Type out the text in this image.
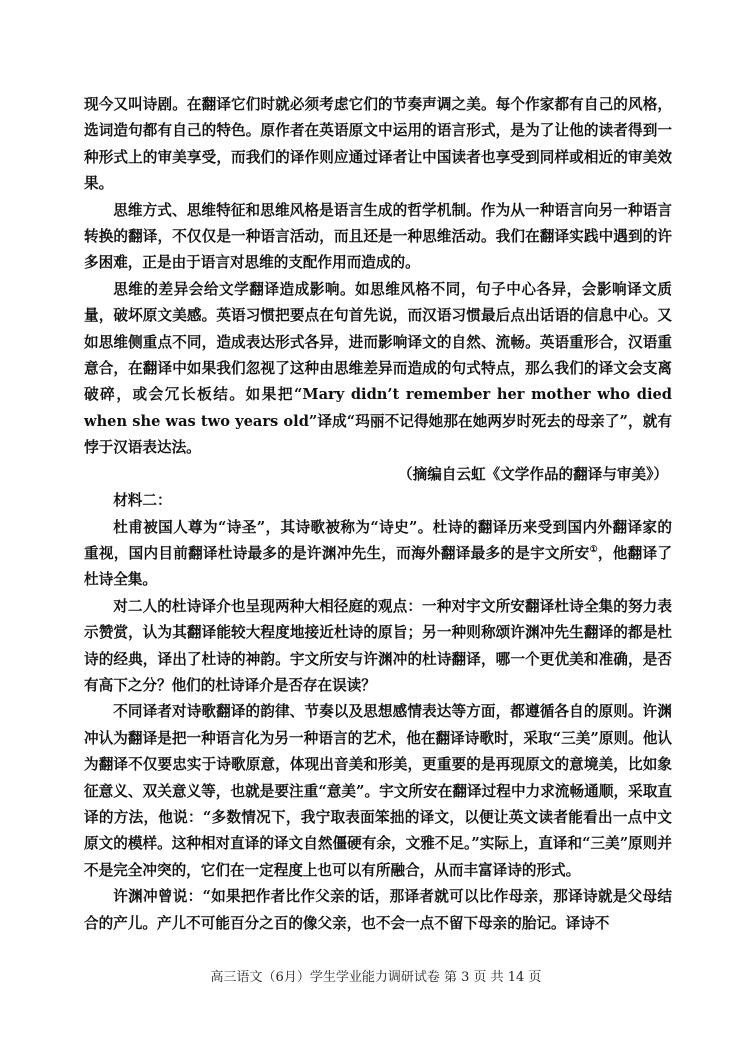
现今又叫诗剧。在翻译它们时就必须考虑它们的节奏声调之美。每个作家都有自己的风格，选词造句都有自己的特色。原作者在英语原文中运用的语言形式，是为了让他的读者得到一种形式上的审美享受，而我们的译作则应通过译者让中国读者也享受到同样或相近的审美效果。

思维方式、思维特征和思维风格是语言生成的哲学机制。作为从一种语言向另一种语言转换的翻译，不仅仅是一种语言活动，而且还是一种思维活动。我们在翻译实践中遇到的许多困难，正是由于语言对思维的支配作用而造成的。

思维的差异会给文学翻译造成影响。如思维风格不同，句子中心各异，会影响译文质量，破坏原文美感。英语习惯把要点在句首先说，而汉语习惯最后点出话语的信息中心。又如思维侧重点不同，造成表达形式各异，进而影响译文的自然、流畅。英语重形合，汉语重意合，在翻译中如果我们忽视了这种由思维差异而造成的句式特点，那么我们的译文会支离破碎，或会冗长板结。如果把“Mary didn’t remember her mother who died when she was two years old”译成“玛丽不记得她那在她两岁时死去的母亲了”，就有悖于汉语表达法。

（摘编自云虹《文学作品的翻译与审美》）

材料二：

杜甫被国人尊为“诗圣”，其诗歌被称为“诗史”。杜诗的翻译历来受到国内外翻译家的重视，国内目前翻译杜诗最多的是许渊冲先生，而海外翻译最多的是宇文所安①，他翻译了杜诗全集。

对二人的杜诗译介也呈现两种大相径庭的观点：一种对宇文所安翻译杜诗全集的努力表示赞赏，认为其翻译能较大程度地接近杜诗的原旨；另一种则称颂许渊冲先生翻译的都是杜诗的经典，译出了杜诗的神韵。宇文所安与许渊冲的杜诗翻译，哪一个更优美和准确，是否有高下之分？他们的杜诗译介是否存在误读？

不同译者对诗歌翻译的韵律、节奏以及思想感情表达等方面，都遵循各自的原则。许渊冲认为翻译是把一种语言化为另一种语言的艺术，他在翻译诗歌时，采取“三美”原则。他认为翻译不仅要忠实于诗歌原意，体现出音美和形美，更重要的是再现原文的意境美，比如象征意义、双关意义等，也就是要注重“意美”。宇文所安在翻译过程中力求流畅通顺，采取直译的方法，他说：“多数情况下，我宁取表面笨拙的译文，以便让英文读者能看出一点中文原文的模样。这种相对直译的译文自然僵硬有余，文雅不足。”实际上，直译和“三美”原则并不是完全冲突的，它们在一定程度上也可以有所融合，从而丰富译诗的形式。

许渊冲曾说：“如果把作者比作父亲的话，那译者就可以比作母亲，那译诗就是父母结合的产儿。产儿不可能百分之百的像父亲，也不会一点不留下母亲的胎记。译诗不

高三语文（6月）学生学业能力调研试卷 第 3 页 共 14 页
